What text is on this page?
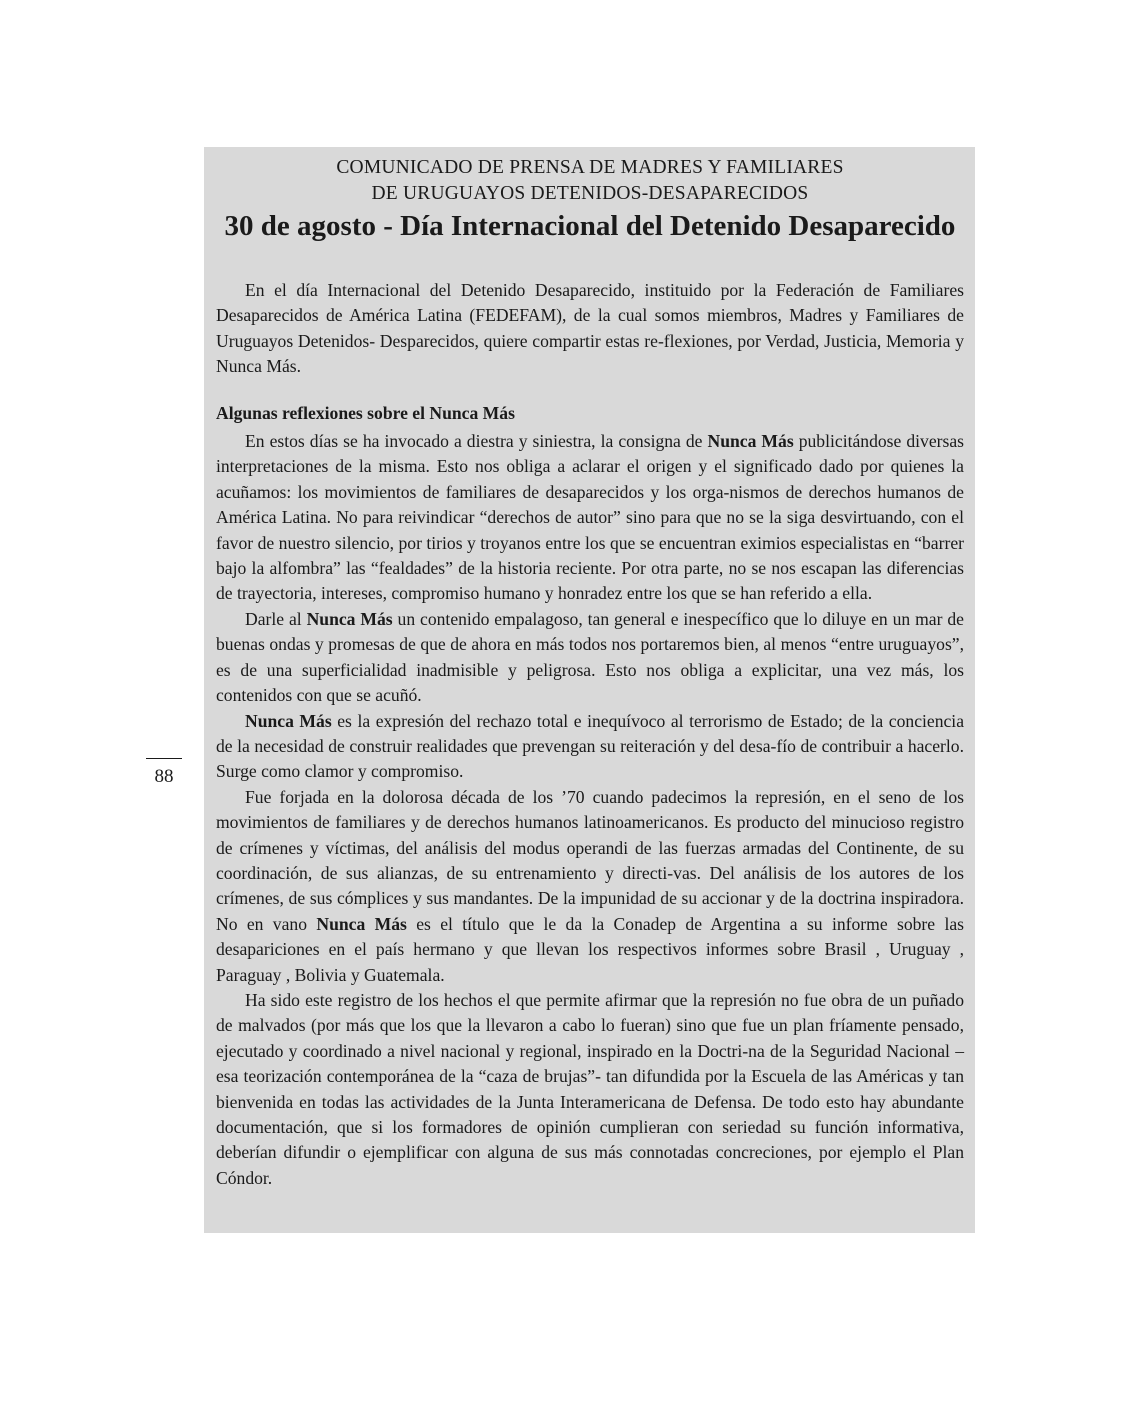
88
COMUNICADO DE PRENSA DE MADRES Y FAMILIARES
DE URUGUAYOS DETENIDOS-DESAPARECIDOS
30 de agosto - Día Internacional del Detenido Desaparecido

En el día Internacional del Detenido Desaparecido, instituido por la Federación de Familiares Desaparecidos de América Latina (FEDEFAM), de la cual somos miembros, Madres y Familiares de Uruguayos Detenidos- Desparecidos, quiere compartir estas re-flexiones, por Verdad, Justicia, Memoria y Nunca Más.

Algunas reflexiones sobre el Nunca Más

En estos días se ha invocado a diestra y siniestra, la consigna de Nunca Más publicitándose diversas interpretaciones de la misma. Esto nos obliga a aclarar el origen y el significado dado por quienes la acuñamos: los movimientos de familiares de desaparecidos y los orga-nismos de derechos humanos de América Latina. No para reivindicar “derechos de autor” sino para que no se la siga desvirtuando, con el favor de nuestro silencio, por tirios y troyanos entre los que se encuentran eximios especialistas en “barrer bajo la alfombra” las “fealdades” de la historia reciente. Por otra parte, no se nos escapan las diferencias de trayectoria, intereses, compromiso humano y honradez entre los que se han referido a ella.

Darle al Nunca Más un contenido empalagoso, tan general e inespecífico que lo diluye en un mar de buenas ondas y promesas de que de ahora en más todos nos portaremos bien, al menos “entre uruguayos”, es de una superficialidad inadmisible y peligrosa. Esto nos obliga a explicitar, una vez más, los contenidos con que se acuñó.

Nunca Más es la expresión del rechazo total e inequívoco al terrorismo de Estado; de la conciencia de la necesidad de construir realidades que prevengan su reiteración y del desa-fío de contribuir a hacerlo. Surge como clamor y compromiso.

Fue forjada en la dolorosa década de los ’70 cuando padecimos la represión, en el seno de los movimientos de familiares y de derechos humanos latinoamericanos. Es producto del minucioso registro de crímenes y víctimas, del análisis del modus operandi de las fuerzas armadas del Continente, de su coordinación, de sus alianzas, de su entrenamiento y directi-vas. Del análisis de los autores de los crímenes, de sus cómplices y sus mandantes. De la impunidad de su accionar y de la doctrina inspiradora. No en vano Nunca Más es el título que le da la Conadep de Argentina a su informe sobre las desapariciones en el país hermano y que llevan los respectivos informes sobre Brasil , Uruguay , Paraguay , Bolivia y Guatemala.

Ha sido este registro de los hechos el que permite afirmar que la represión no fue obra de un puñado de malvados (por más que los que la llevaron a cabo lo fueran) sino que fue un plan fríamente pensado, ejecutado y coordinado a nivel nacional y regional, inspirado en la Doctri-na de la Seguridad Nacional –esa teorización contemporánea de la “caza de brujas”- tan difundida por la Escuela de las Américas y tan bienvenida en todas las actividades de la Junta Interamericana de Defensa. De todo esto hay abundante documentación, que si los formadores de opinión cumplieran con seriedad su función informativa, deberían difundir o ejemplificar con alguna de sus más connotadas concreciones, por ejemplo el Plan Cóndor.
